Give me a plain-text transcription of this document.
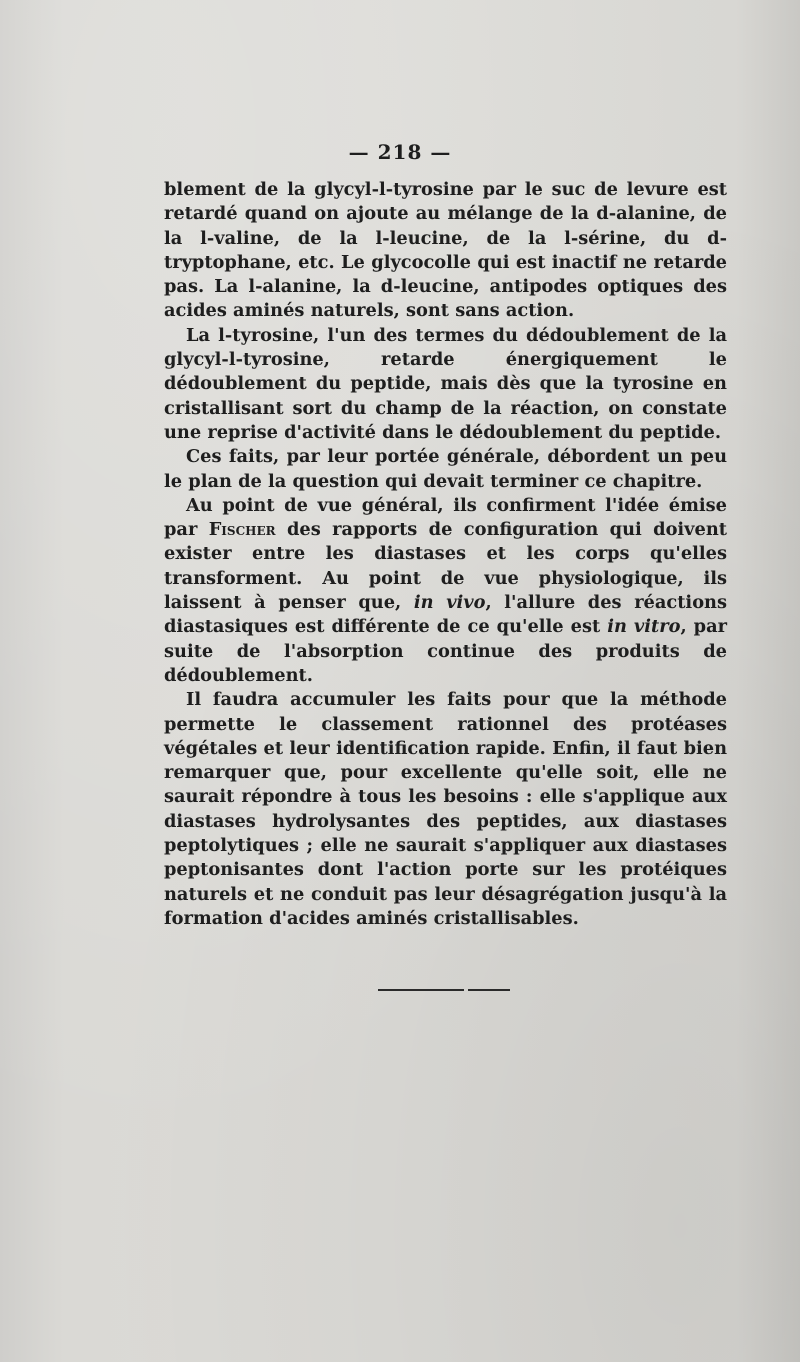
— 218 —

blement de la glycyl-l-tyrosine par le suc de levure est retardé quand on ajoute au mélange de la d-alanine, de la l-valine, de la l-leucine, de la l-sérine, du d-tryptophane, etc. Le glycocolle qui est inactif ne retarde pas. La l-alanine, la d-leucine, antipodes optiques des acides aminés naturels, sont sans action.

La l-tyrosine, l'un des termes du dédoublement de la glycyl-l-tyrosine, retarde énergiquement le dédoublement du peptide, mais dès que la tyrosine en cristallisant sort du champ de la réaction, on constate une reprise d'activité dans le dédoublement du peptide.

Ces faits, par leur portée générale, débordent un peu le plan de la question qui devait terminer ce chapitre.

Au point de vue général, ils confirment l'idée émise par Fischer des rapports de configuration qui doivent exister entre les diastases et les corps qu'elles transforment. Au point de vue physiologique, ils laissent à penser que, in vivo, l'allure des réactions diastasiques est différente de ce qu'elle est in vitro, par suite de l'absorption continue des produits de dédoublement.

Il faudra accumuler les faits pour que la méthode permette le classement rationnel des protéases végétales et leur identification rapide. Enfin, il faut bien remarquer que, pour excellente qu'elle soit, elle ne saurait répondre à tous les besoins : elle s'applique aux diastases hydrolysantes des peptides, aux diastases peptolytiques ; elle ne saurait s'appliquer aux diastases peptonisantes dont l'action porte sur les protéiques naturels et ne conduit pas leur désagrégation jusqu'à la formation d'acides aminés cristallisables.
